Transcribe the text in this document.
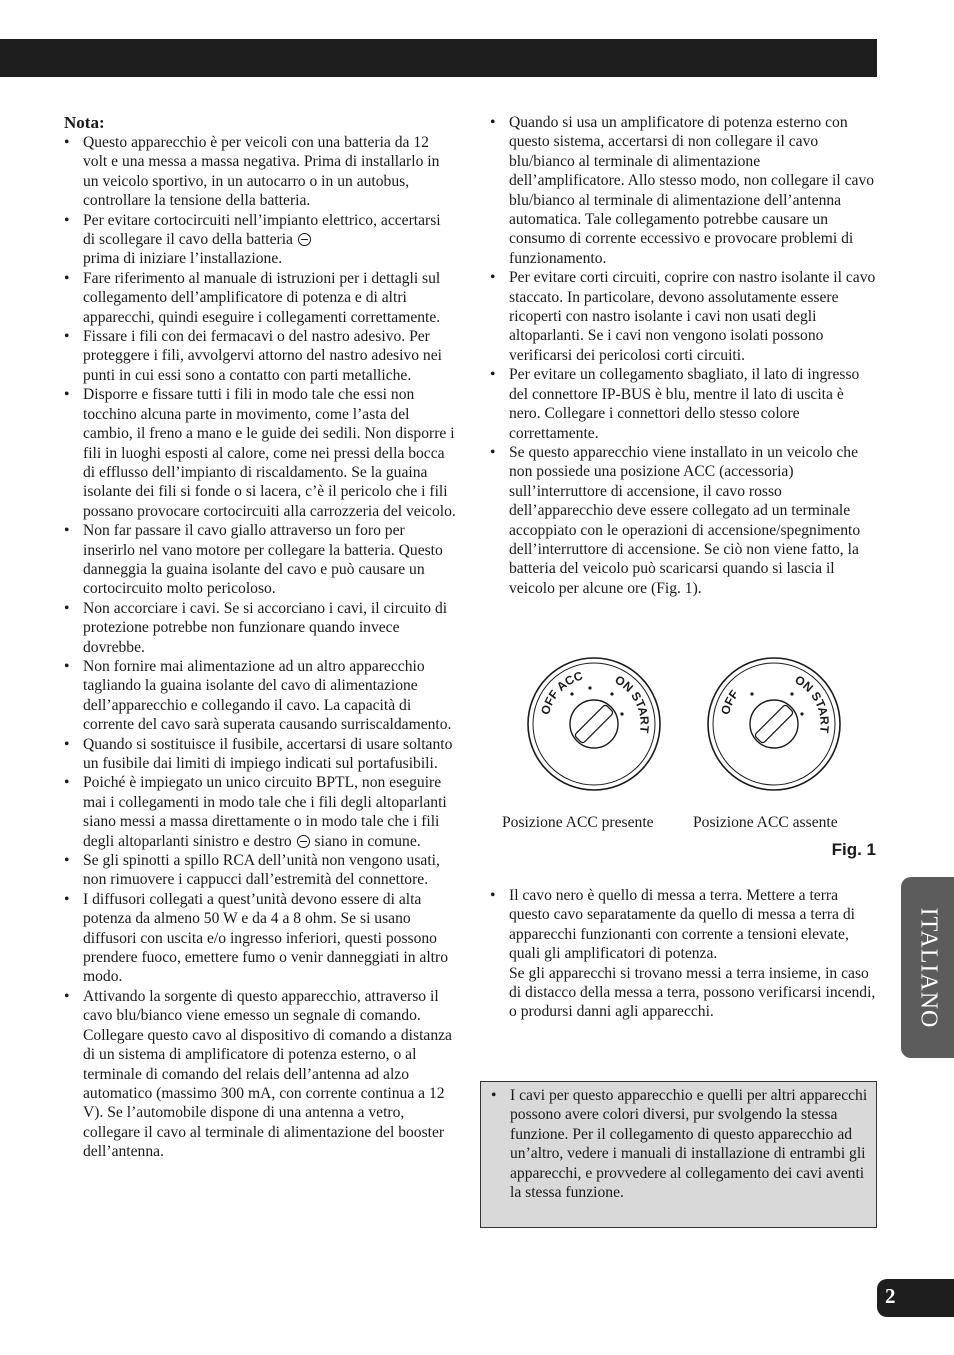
Nota:
• Questo apparecchio è per veicoli con una batteria da 12 volt e una messa a massa negativa. Prima di installarlo in un veicolo sportivo, in un autocarro o in un autobus, controllare la tensione della batteria.
• Per evitare cortocircuiti nell’impianto elettrico, accertarsi di scollegare il cavo della batteria
prima di iniziare l’installazione.
• Fare riferimento al manuale di istruzioni per i dettagli sul collegamento dell’amplificatore di potenza e di altri apparecchi, quindi eseguire i collegamenti correttamente.
• Fissare i fili con dei fermacavi o del nastro adesivo. Per proteggere i fili, avvolgervi attorno del nastro adesivo nei punti in cui essi sono a contatto con parti metalliche.
• Disporre e fissare tutti i fili in modo tale che essi non tocchino alcuna parte in movimento, come l’asta del cambio, il freno a mano e le guide dei sedili. Non disporre i fili in luoghi esposti al calore, come nei pressi della bocca di efflusso dell’impianto di riscaldamento. Se la guaina isolante dei fili si fonde o si lacera, c’è il pericolo che i fili possano provocare cortocircuiti alla carrozzeria del veicolo.
• Non far passare il cavo giallo attraverso un foro per inserirlo nel vano motore per collegare la batteria. Questo danneggia la guaina isolante del cavo e può causare un cortocircuito molto pericoloso.
• Non accorciare i cavi. Se si accorciano i cavi, il circuito di protezione potrebbe non funzionare quando invece dovrebbe.
• Non fornire mai alimentazione ad un altro apparecchio tagliando la guaina isolante del cavo di alimentazione dell’apparecchio e collegando il cavo. La capacità di corrente del cavo sarà superata causando surriscaldamento.
• Quando si sostituisce il fusibile, accertarsi di usare soltanto un fusibile dai limiti di impiego indicati sul portafusibili.
• Poiché è impiegato un unico circuito BPTL, non eseguire mai i collegamenti in modo tale che i fili degli altoparlanti siano messi a massa direttamente o in modo tale che i fili degli altoparlanti sinistro e destro siano in comune.
• Se gli spinotti a spillo RCA dell’unità non vengono usati, non rimuovere i cappucci dall’estremità del connettore.
• I diffusori collegati a quest’unità devono essere di alta potenza da almeno 50 W e da 4 a 8 ohm. Se si usano diffusori con uscita e/o ingresso inferiori, questi possono prendere fuoco, emettere fumo o venir danneggiati in altro modo.
• Attivando la sorgente di questo apparecchio, attraverso il cavo blu/bianco viene emesso un segnale di comando. Collegare questo cavo al dispositivo di comando a distanza di un sistema di amplificatore di potenza esterno, o al terminale di comando del relais dell’antenna ad alzo automatico (massimo 300 mA, con corrente continua a 12 V). Se l’automobile dispone di una antenna a vetro, collegare il cavo al terminale di alimentazione del booster dell’antenna.
• Quando si usa un amplificatore di potenza esterno con questo sistema, accertarsi di non collegare il cavo blu/bianco al terminale di alimentazione dell’amplificatore. Allo stesso modo, non collegare il cavo blu/bianco al terminale di alimentazione dell’antenna automatica. Tale collegamento potrebbe causare un consumo di corrente eccessivo e provocare problemi di funzionamento.
• Per evitare corti circuiti, coprire con nastro isolante il cavo staccato. In particolare, devono assolutamente essere ricoperti con nastro isolante i cavi non usati degli altoparlanti. Se i cavi non vengono isolati possono verificarsi dei pericolosi corti circuiti.
• Per evitare un collegamento sbagliato, il lato di ingresso del connettore IP-BUS è blu, mentre il lato di uscita è nero. Collegare i connettori dello stesso colore correttamente.
• Se questo apparecchio viene installato in un veicolo che non possiede una posizione ACC (accessoria) sull’interruttore di accensione, il cavo rosso dell’apparecchio deve essere collegato ad un terminale accoppiato con le operazioni di accensione/spegnimento dell’interruttore di accensione. Se ciò non viene fatto, la batteria del veicolo può scaricarsi quando si lascia il veicolo per alcune ore (Fig. 1).
OFF ACC ON START
OFF
ON START
Posizione ACC presente	Posizione ACC assente
Fig. 1
• Il cavo nero è quello di messa a terra. Mettere a terra questo cavo separatamente da quello di messa a terra di apparecchi funzionanti con corrente a tensioni elevate, quali gli amplificatori di potenza.

Se gli apparecchi si trovano messi a terra insieme, in caso di distacco della messa a terra, possono verificarsi incendi, o prodursi danni agli apparecchi.

• I cavi per questo apparecchio e quelli per altri apparecchi possono avere colori diversi, pur svolgendo la stessa funzione. Per il collegamento di questo apparecchio ad un’altro, vedere i manuali di installazione di entrambi gli apparecchi, e provvedere al collegamento dei cavi aventi la stessa funzione.
ITALIANO
2
